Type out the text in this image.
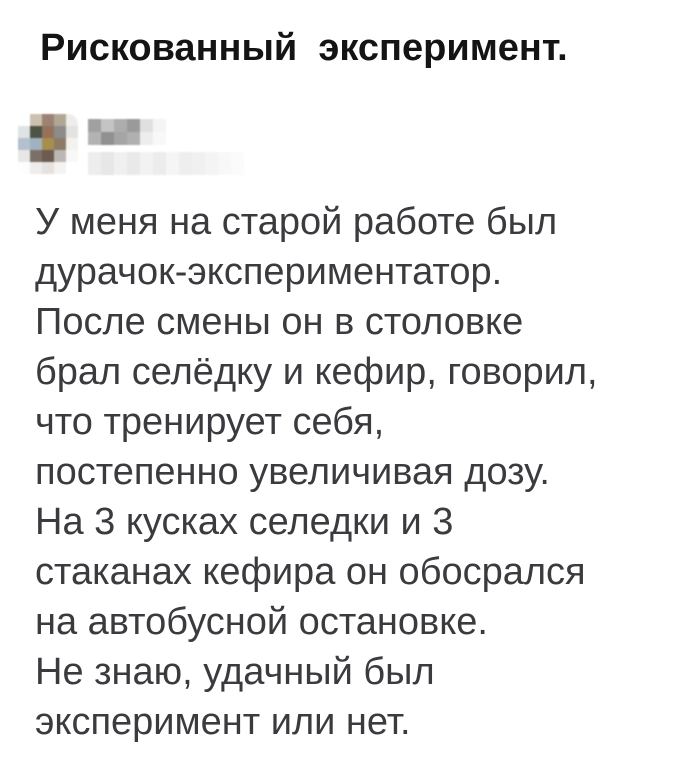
Рискованный  эксперимент.
У меня на старой работе был
дурачок-экспериментатор.
После смены он в столовке
брал селёдку и кефир, говорил,
что тренирует себя,
постепенно увеличивая дозу.
На 3 кусках селедки и 3
стаканах кефира он обосрался
на автобусной остановке.
Не знаю, удачный был
эксперимент или нет.
